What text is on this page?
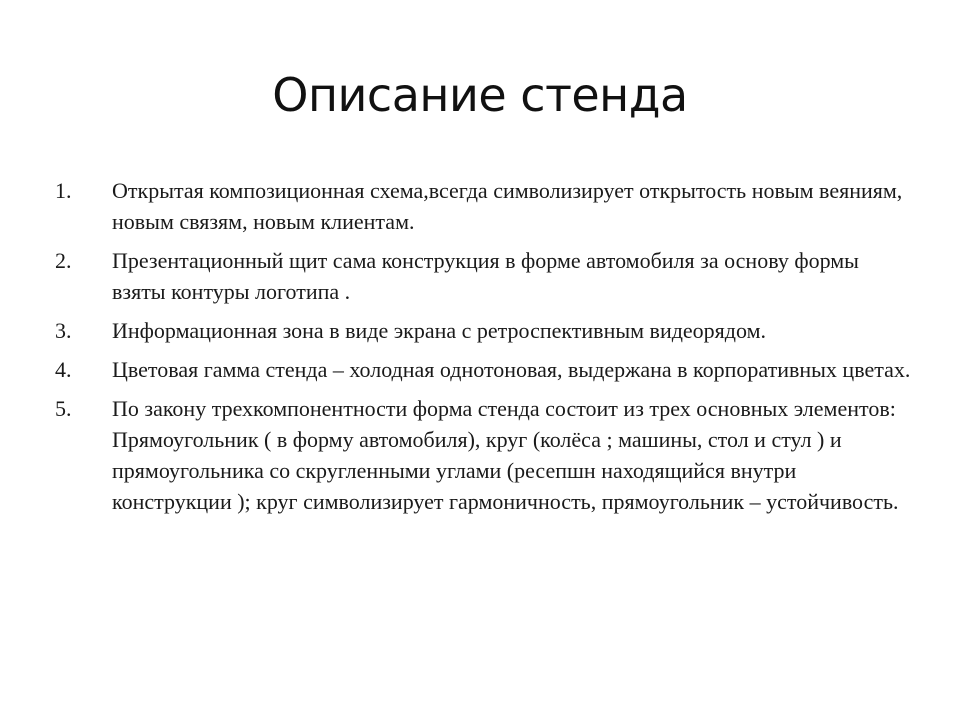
Описание стенда
1.	Открытая композиционная схема,всегда символизирует открытость новым веяниям, новым связям, новым клиентам.
2.	Презентационный щит сама конструкция в форме автомобиля за основу формы взяты контуры логотипа .
3.	Информационная зона в виде экрана с ретроспективным видеорядом.
4.	Цветовая гамма стенда – холодная однотоновая, выдержана в корпоративных цветах.
5.	По закону трехкомпонентности форма стенда состоит из трех основных элементов: Прямоугольник ( в форму автомобиля), круг (колёса ; машины, стол и стул ) и прямоугольника со скругленными углами (ресепшн находящийся внутри конструкции ); круг символизирует гармоничность, прямоугольник – устойчивость.
